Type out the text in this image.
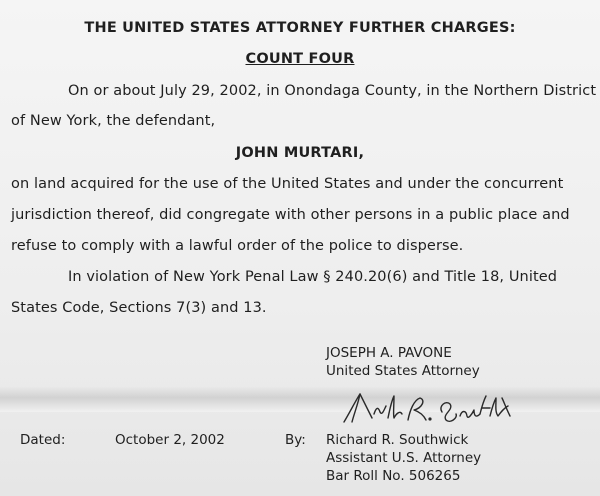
THE UNITED STATES ATTORNEY FURTHER CHARGES:
COUNT FOUR
On or about July 29, 2002, in Onondaga County, in the Northern District
of New York, the defendant,
JOHN MURTARI,
on land acquired for the use of the United States and under the concurrent
jurisdiction thereof, did congregate with other persons in a public place and
refuse to comply with a lawful order of the police to disperse.
In violation of New York Penal Law § 240.20(6) and Title 18, United
States Code, Sections 7(3) and 13.
JOSEPH A. PAVONE
United States Attorney
Dated:	October 2, 2002	By: Richard R. Southwick
Assistant U.S. Attorney
Bar Roll No. 506265
